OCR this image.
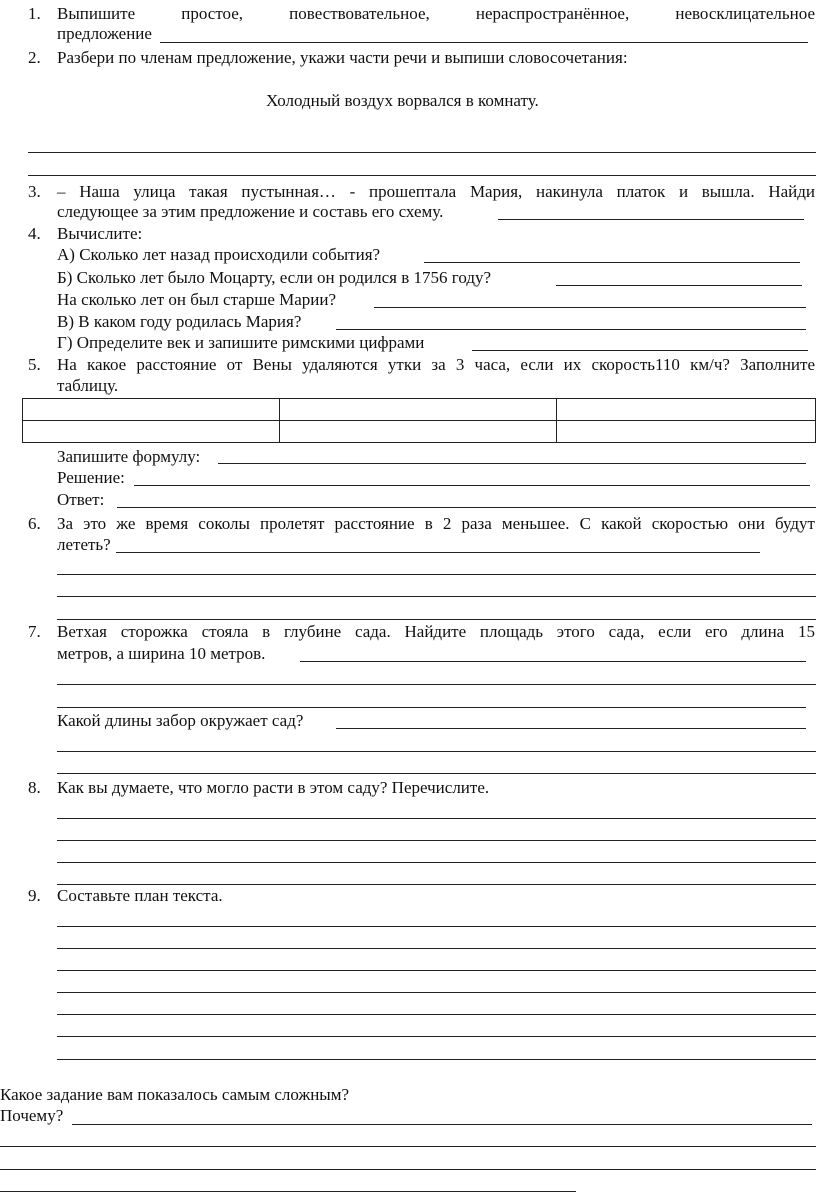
1. Выпишите простое, повествовательное, нераспространённое, невосклицательное
предложение
2. Разбери по членам предложение, укажи части речи и выпиши словосочетания:
Холодный воздух ворвался в комнату.
3. – Наша улица такая пустынная… - прошептала Мария, накинула платок и вышла. Найди
следующее за этим предложение и составь его схему.
4. Вычислите:
А) Сколько лет назад происходили события?
Б) Сколько лет было Моцарту, если он родился в 1756 году?
На сколько лет он был старше Марии?
В) В каком году родилась Мария?
Г) Определите век и запишите римскими цифрами
5. На какое расстояние от Вены удаляются утки за 3 часа, если их скорость110 км/ч? Заполните
таблицу.

Запишите формулу:
Решение:
Ответ:
6. За это же время соколы пролетят расстояние в 2 раза меньшее. С какой скоростью они будут
лететь?
7. Ветхая сторожка стояла в глубине сада. Найдите площадь этого сада, если его длина 15
метров, а ширина 10 метров.
Какой длины забор окружает сад?
8. Как вы думаете, что могло расти в этом саду? Перечислите.
9. Составьте план текста.
Какое задание вам показалось самым сложным?
Почему?
